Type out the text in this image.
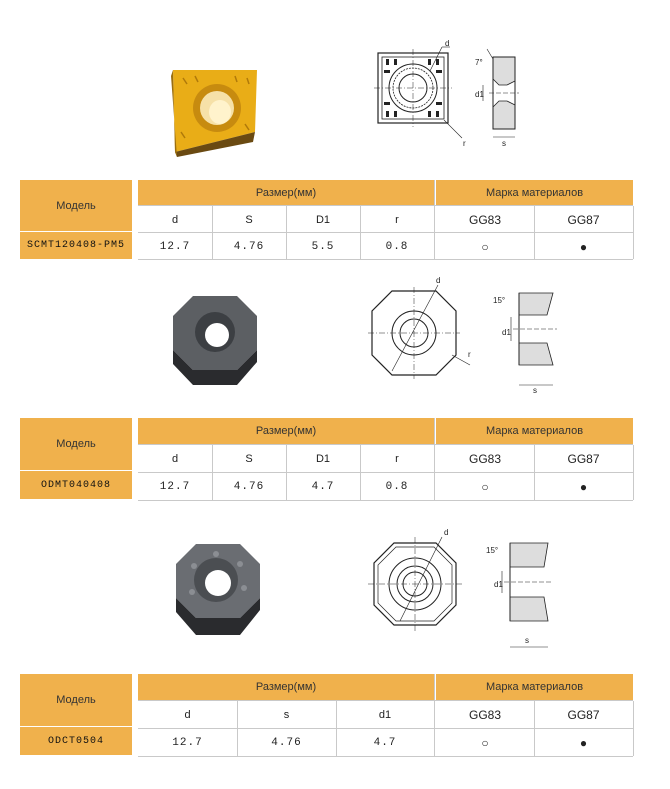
d
r
d1
7°
s
Модель
SCMT120408-PM5
Размер(мм)	Марка материалов
d	S	D1	r	GG83	GG87
12.7	4.76	5.5	0.8	○	●
d
r
d1
15°
s
Модель
ODMT040408
Размер(мм)	Марка материалов
d	S	D1	r	GG83	GG87
12.7	4.76	4.7	0.8	○	●
d
d1
15°
s
Модель
ODCT0504
Размер(мм)	Марка материалов
d	s	d1	GG83	GG87
12.7	4.76	4.7	○	●
